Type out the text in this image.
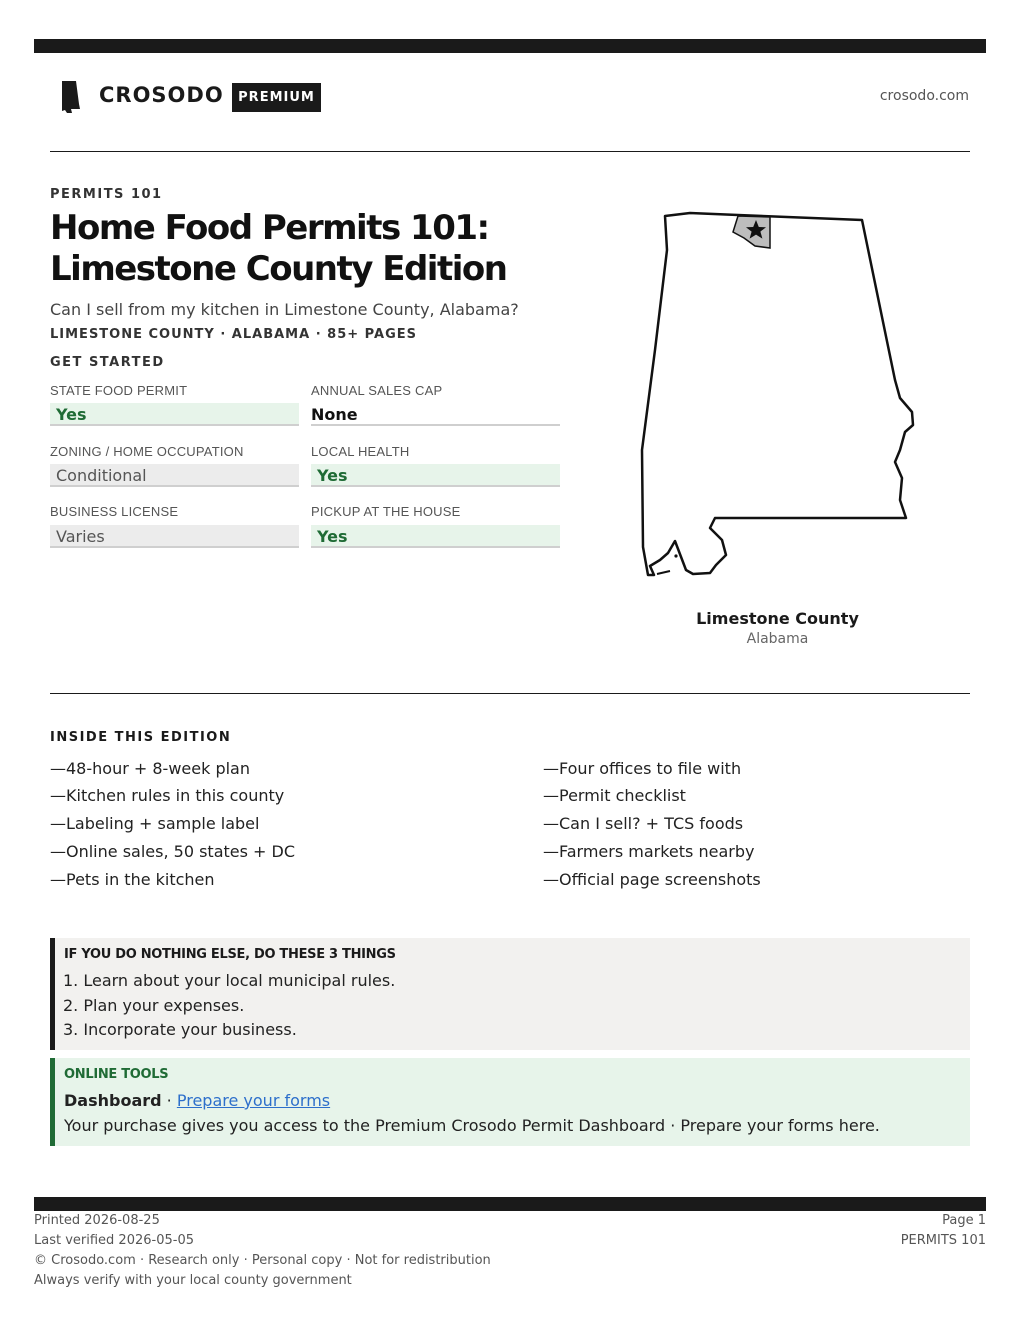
CROSODO	PREMIUM	crosodo.com
PERMITS 101
Home Food Permits 101:
Limestone County Edition
Can I sell from my kitchen in Limestone County, Alabama?
LIMESTONE COUNTY · ALABAMA · 85+ PAGES
GET STARTED
STATE FOOD PERMIT
Yes
ANNUAL SALES CAP
None
ZONING / HOME OCCUPATION
Conditional
LOCAL HEALTH
Yes
BUSINESS LICENSE
Varies
PICKUP AT THE HOUSE
Yes
Limestone County
Alabama
INSIDE THIS EDITION
—48-hour + 8-week plan
—Kitchen rules in this county
—Labeling + sample label
—Online sales, 50 states + DC
—Pets in the kitchen
—Four offices to file with
—Permit checklist
—Can I sell? + TCS foods
—Farmers markets nearby
—Official page screenshots
IF YOU DO NOTHING ELSE, DO THESE 3 THINGS
1. Learn about your local municipal rules.
2. Plan your expenses.
3. Incorporate your business.
ONLINE TOOLS
Dashboard · Prepare your forms
Your purchase gives you access to the Premium Crosodo Permit Dashboard · Prepare your forms here.
Printed 2026-08-25
Last verified 2026-05-05
© Crosodo.com · Research only · Personal copy · Not for redistribution
Always verify with your local county government
Page 1
PERMITS 101
